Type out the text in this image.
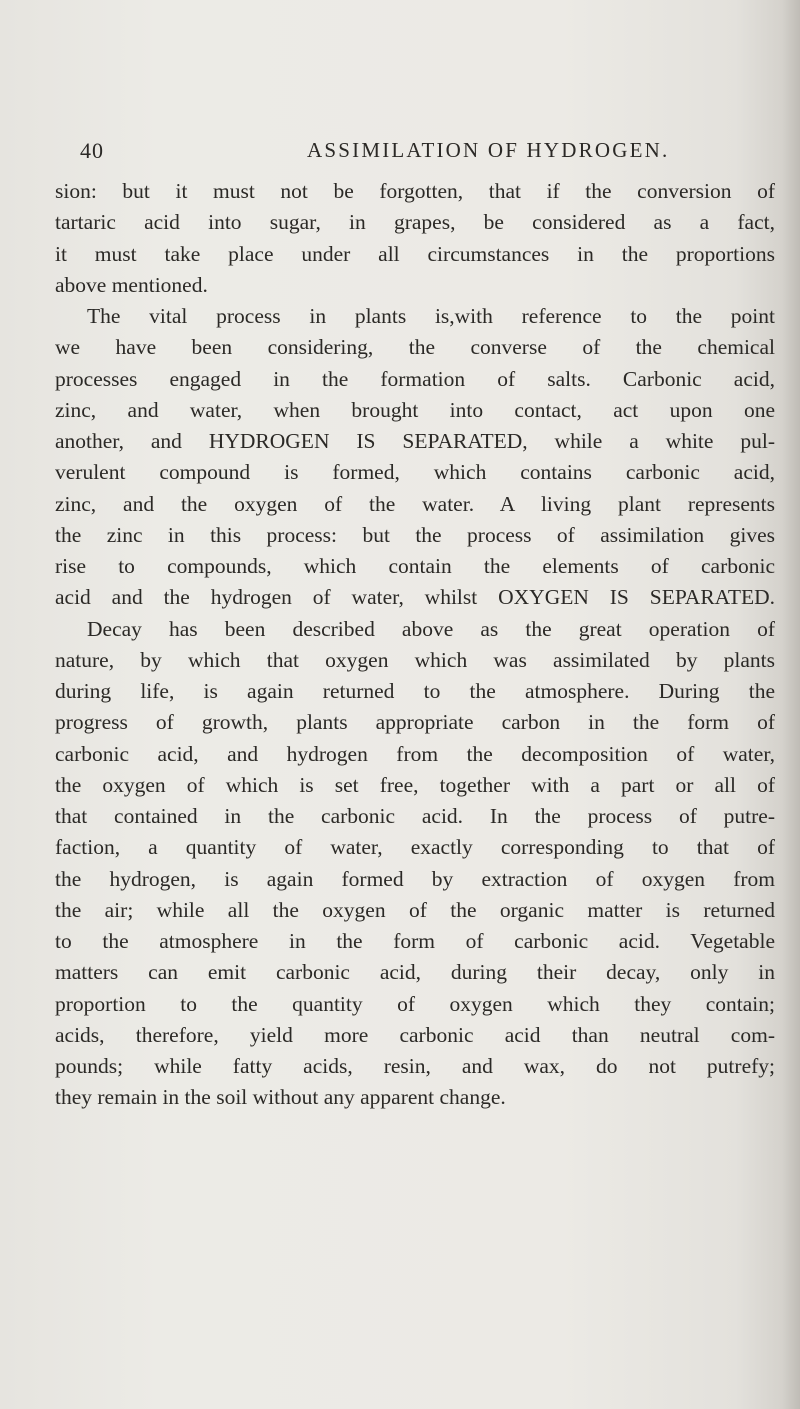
40	ASSIMILATION OF HYDROGEN.
sion: but it must not be forgotten, that if the conversion of
tartaric acid into sugar, in grapes, be considered as a fact,
it must take place under all circumstances in the proportions
above mentioned.
The vital process in plants is,with reference to the point
we have been considering, the converse of the chemical
processes engaged in the formation of salts. Carbonic acid,
zinc, and water, when brought into contact, act upon one
another, and HYDROGEN IS SEPARATED, while a white pul-
verulent compound is formed, which contains carbonic acid,
zinc, and the oxygen of the water. A living plant represents
the zinc in this process: but the process of assimilation gives
rise to compounds, which contain the elements of carbonic
acid and the hydrogen of water, whilst OXYGEN IS SEPARATED.
Decay has been described above as the great operation of
nature, by which that oxygen which was assimilated by plants
during life, is again returned to the atmosphere. During the
progress of growth, plants appropriate carbon in the form of
carbonic acid, and hydrogen from the decomposition of water,
the oxygen of which is set free, together with a part or all of
that contained in the carbonic acid. In the process of putre-
faction, a quantity of water, exactly corresponding to that of
the hydrogen, is again formed by extraction of oxygen from
the air; while all the oxygen of the organic matter is returned
to the atmosphere in the form of carbonic acid. Vegetable
matters can emit carbonic acid, during their decay, only in
proportion to the quantity of oxygen which they contain;
acids, therefore, yield more carbonic acid than neutral com-
pounds; while fatty acids, resin, and wax, do not putrefy;
they remain in the soil without any apparent change.
